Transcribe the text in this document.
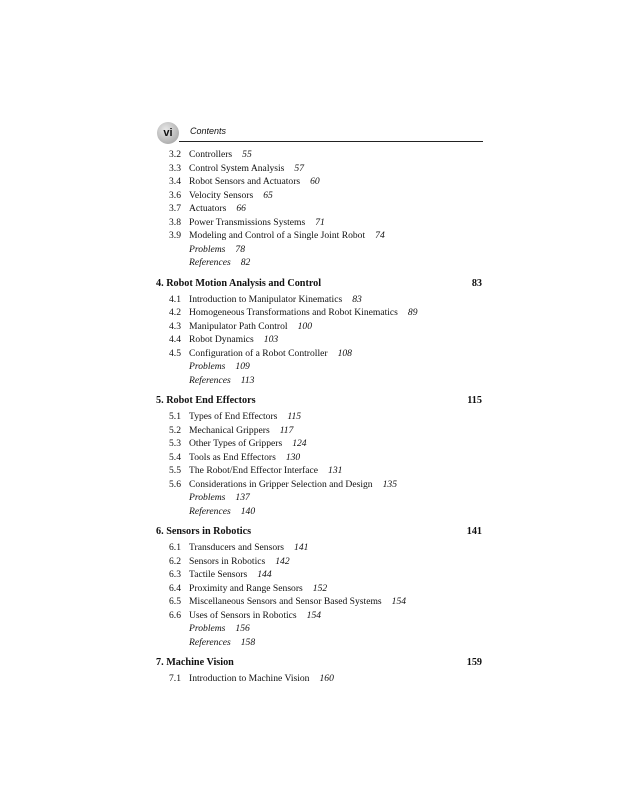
vi Contents
3.2 Controllers 55
3.3 Control System Analysis 57
3.4 Robot Sensors and Actuators 60
3.6 Velocity Sensors 65
3.7 Actuators 66
3.8 Power Transmissions Systems 71
3.9 Modeling and Control of a Single Joint Robot 74
Problems 78
References 82
4. Robot Motion Analysis and Control	83
4.1 Introduction to Manipulator Kinematics 83
4.2 Homogeneous Transformations and Robot Kinematics 89
4.3 Manipulator Path Control 100
4.4 Robot Dynamics 103
4.5 Configuration of a Robot Controller 108
Problems 109
References 113
5. Robot End Effectors	115
5.1 Types of End Effectors 115
5.2 Mechanical Grippers 117
5.3 Other Types of Grippers 124
5.4 Tools as End Effectors 130
5.5 The Robot/End Effector Interface 131
5.6 Considerations in Gripper Selection and Design 135
Problems 137
References 140
6. Sensors in Robotics	141
6.1 Transducers and Sensors 141
6.2 Sensors in Robotics 142
6.3 Tactile Sensors 144
6.4 Proximity and Range Sensors 152
6.5 Miscellaneous Sensors and Sensor Based Systems 154
6.6 Uses of Sensors in Robotics 154
Problems 156
References 158
7. Machine Vision	159
7.1 Introduction to Machine Vision 160
